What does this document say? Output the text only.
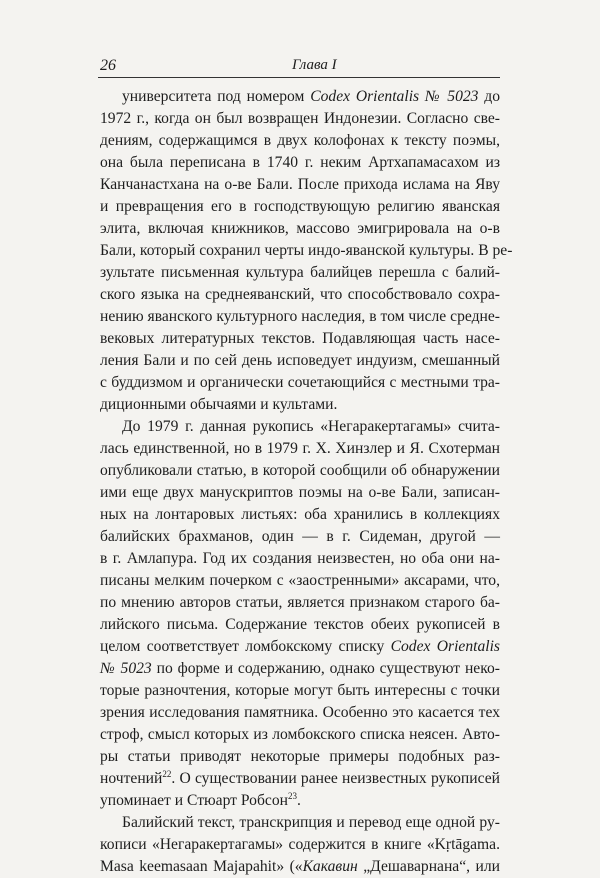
26	Глава I
университета под номером Codex Orientalis № 5023 до
1972 г., когда он был возвращен Индонезии. Согласно све-
дениям, содержащимся в двух колофонах к тексту поэмы,
она была переписана в 1740 г. неким Артхапамасахом из
Канчанастхана на о-ве Бали. После прихода ислама на Яву
и превращения его в господствующую религию яванская
элита, включая книжников, массово эмигрировала на о-в
Бали, который сохранил черты индо-яванской культуры. В ре-
зультате письменная культура балийцев перешла с балий-
ского языка на среднеяванский, что способствовало сохра-
нению яванского культурного наследия, в том числе средне-
вековых литературных текстов. Подавляющая часть насе-
ления Бали и по сей день исповедует индуизм, смешанный
с буддизмом и органически сочетающийся с местными тра-
диционными обычаями и культами.
До 1979 г. данная рукопись «Негаракертагамы» счита-
лась единственной, но в 1979 г. Х. Хинзлер и Я. Схотерман
опубликовали статью, в которой сообщили об обнаружении
ими еще двух манускриптов поэмы на о-ве Бали, записан-
ных на лонтаровых листьях: оба хранились в коллекциях
балийских брахманов, один — в г. Сидеман, другой —
в г. Амлапура. Год их создания неизвестен, но оба они на-
писаны мелким почерком с «заостренными» аксарами, что,
по мнению авторов статьи, является признаком старого ба-
лийского письма. Содержание текстов обеих рукописей в
целом соответствует ломбокскому списку Codex Orientalis
№ 5023 по форме и содержанию, однако существуют неко-
торые разночтения, которые могут быть интересны с точки
зрения исследования памятника. Особенно это касается тех
строф, смысл которых из ломбокского списка неясен. Авто-
ры статьи приводят некоторые примеры подобных раз-
ночтений$^{22}$. О существовании ранее неизвестных рукописей
упоминает и Стюарт Робсон$^{23}$.
Балийский текст, транскрипция и перевод еще одной ру-
кописи «Негаракертагамы» содержится в книге «Kṛtāgama.
Masa keemasaan Majapahit» («Какавин „Дешаварнана“, или
